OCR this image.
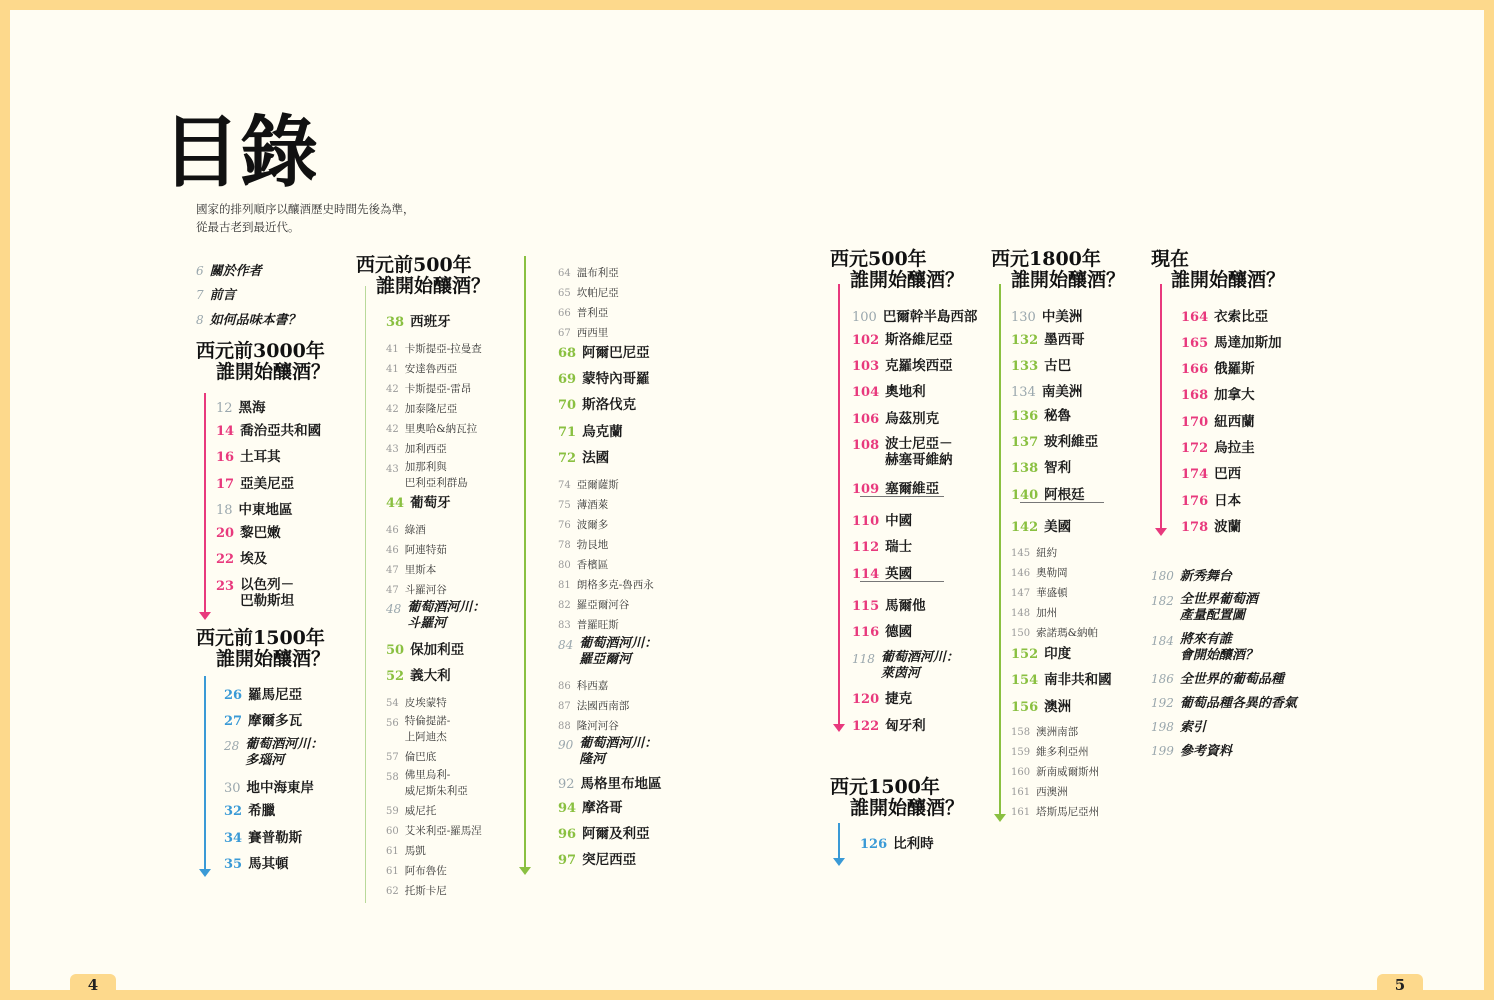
目錄
國家的排列順序以釀酒歷史時間先後為準，
從最古老到最近代。
西元前3000年
誰開始釀酒？
西元前1500年
誰開始釀酒？
西元前500年
誰開始釀酒？
西元500年
誰開始釀酒？
西元1500年
誰開始釀酒？
西元1800年
誰開始釀酒？
現在
誰開始釀酒？
6 關於作者
7 前言
8 如何品味本書？
12 黑海
14 喬治亞共和國
16 土耳其
17 亞美尼亞
18 中東地區
20 黎巴嫩
22 埃及
23 以色列－
巴勒斯坦
26 羅馬尼亞
27 摩爾多瓦
28 葡萄酒河川：
多瑙河
30 地中海東岸
32 希臘
34 賽普勒斯
35 馬其頓
38 西班牙
41 卡斯提亞-拉曼查
41 安達魯西亞
42 卡斯提亞-雷昂
42 加泰隆尼亞
42 里奧哈&納瓦拉
43 加利西亞
43 加那利與
巴利亞利群島
44 葡萄牙
46 綠酒
46 阿連特茹
47 里斯本
47 斗羅河谷
48 葡萄酒河川：
斗羅河
50 保加利亞
52 義大利
54 皮埃蒙特
56 特倫提諾-
上阿迪杰
57 倫巴底
58 佛里烏利-
威尼斯朱利亞
59 威尼托
60 艾米利亞-羅馬涅
61 馬凱
61 阿布魯佐
62 托斯卡尼
64 溫布利亞
65 坎帕尼亞
66 普利亞
67 西西里
68 阿爾巴尼亞
69 蒙特內哥羅
70 斯洛伐克
71 烏克蘭
72 法國
74 亞爾薩斯
75 薄酒萊
76 波爾多
78 勃艮地
80 香檳區
81 朗格多克-魯西永
82 羅亞爾河谷
83 普羅旺斯
84 葡萄酒河川：
羅亞爾河
86 科西嘉
87 法國西南部
88 隆河河谷
90 葡萄酒河川：
隆河
92 馬格里布地區
94 摩洛哥
96 阿爾及利亞
97 突尼西亞
100 巴爾幹半島西部
102 斯洛維尼亞
103 克羅埃西亞
104 奧地利
106 烏茲別克
108 波士尼亞－
赫塞哥維納
109 塞爾維亞
110 中國
112 瑞士
114 英國
115 馬爾他
116 德國
118 葡萄酒河川：
萊茵河
120 捷克
122 匈牙利
126 比利時
130 中美洲
132 墨西哥
133 古巴
134 南美洲
136 秘魯
137 玻利維亞
138 智利
140 阿根廷
142 美國
145 紐約
146 奧勒岡
147 華盛頓
148 加州
150 索諾瑪&納帕
152 印度
154 南非共和國
156 澳洲
158 澳洲南部
159 維多利亞州
160 新南威爾斯州
161 西澳洲
161 塔斯馬尼亞州
164 衣索比亞
165 馬達加斯加
166 俄羅斯
168 加拿大
170 紐西蘭
172 烏拉圭
174 巴西
176 日本
178 波蘭
180 新秀舞台
182 全世界葡萄酒
產量配置圖
184 將來有誰
會開始釀酒？
186 全世界的葡萄品種
192 葡萄品種各異的香氣
198 索引
199 參考資料
4	5
